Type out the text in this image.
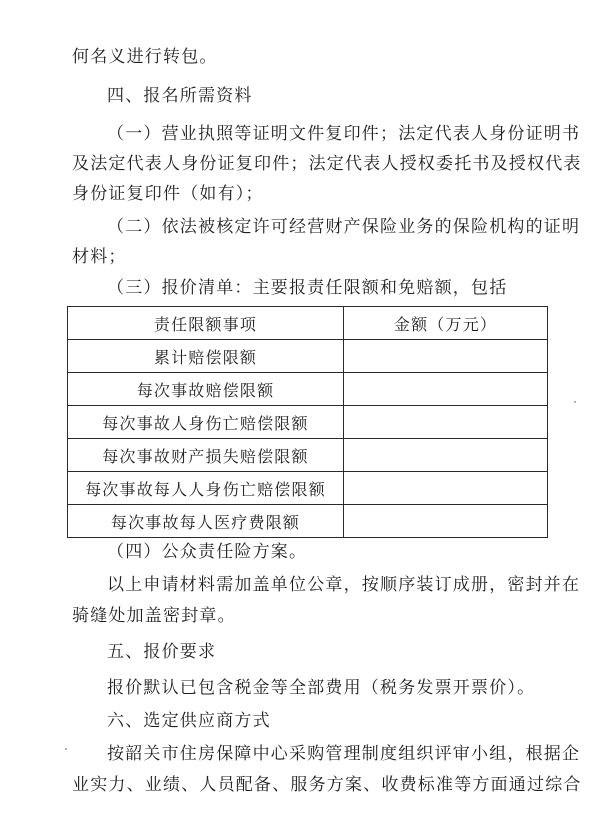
何名义进行转包。
四、报名所需资料
（一）营业执照等证明文件复印件；法定代表人身份证明书
及法定代表人身份证复印件；法定代表人授权委托书及授权代表
身份证复印件（如有）；
（二）依法被核定许可经营财产保险业务的保险机构的证明
材料；
（三）报价清单：主要报责任限额和免赔额，包括
责任限额事项	金额（万元）
累计赔偿限额	
每次事故赔偿限额	
每次事故人身伤亡赔偿限额	
每次事故财产损失赔偿限额	
每次事故每人人身伤亡赔偿限额	
每次事故每人医疗费限额	
（四）公众责任险方案。
以上申请材料需加盖单位公章，按顺序装订成册，密封并在
骑缝处加盖密封章。
五、报价要求
报价默认已包含税金等全部费用（税务发票开票价）。
六、选定供应商方式
按韶关市住房保障中心采购管理制度组织评审小组，根据企
业实力、业绩、人员配备、服务方案、收费标准等方面通过综合
